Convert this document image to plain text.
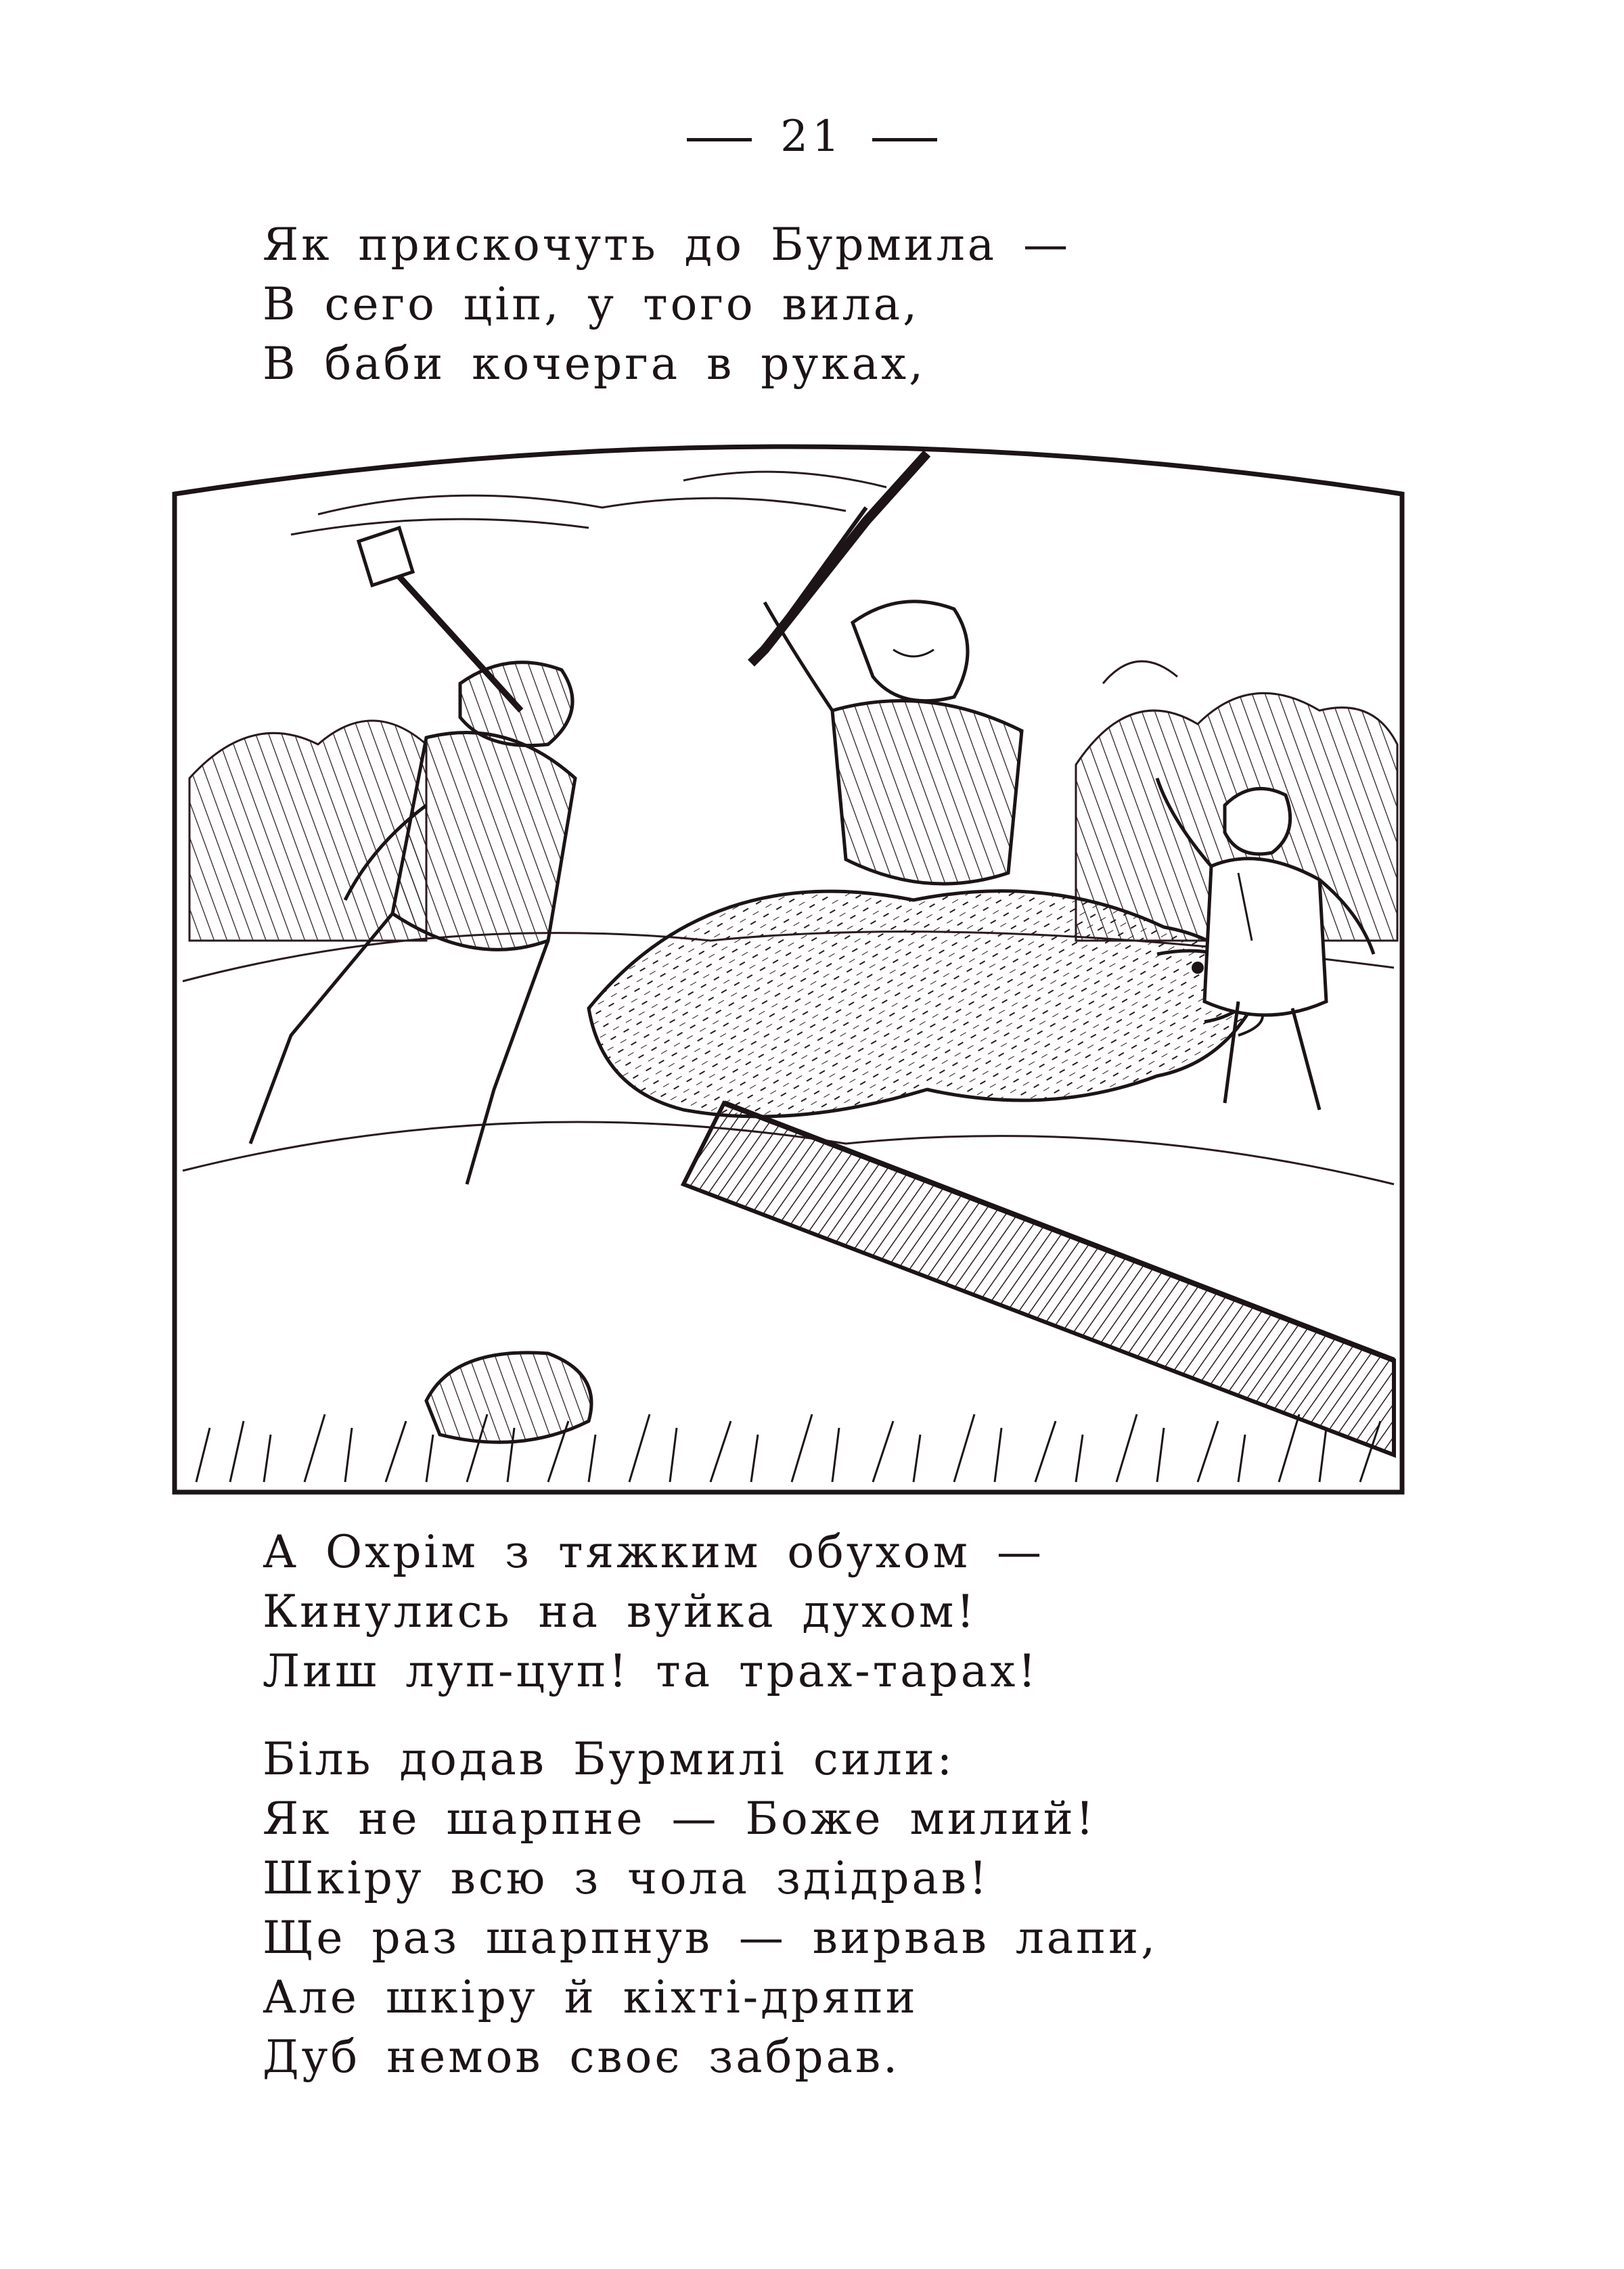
21
Як прискочуть до Бурмила —
В сего ціп, у того вила,
В баби кочерга в руках,
А Охрім з тяжким обухом —
Кинулись на вуйка духом!
Лиш луп-цуп! та трах-тарах!
Біль додав Бурмилі сили:
Як не шарпне — Боже милий!
Шкіру всю з чола здідрав!
Ще раз шарпнув — вирвав лапи,
Але шкіру й кіхті-дряпи
Дуб немов своє забрав.
